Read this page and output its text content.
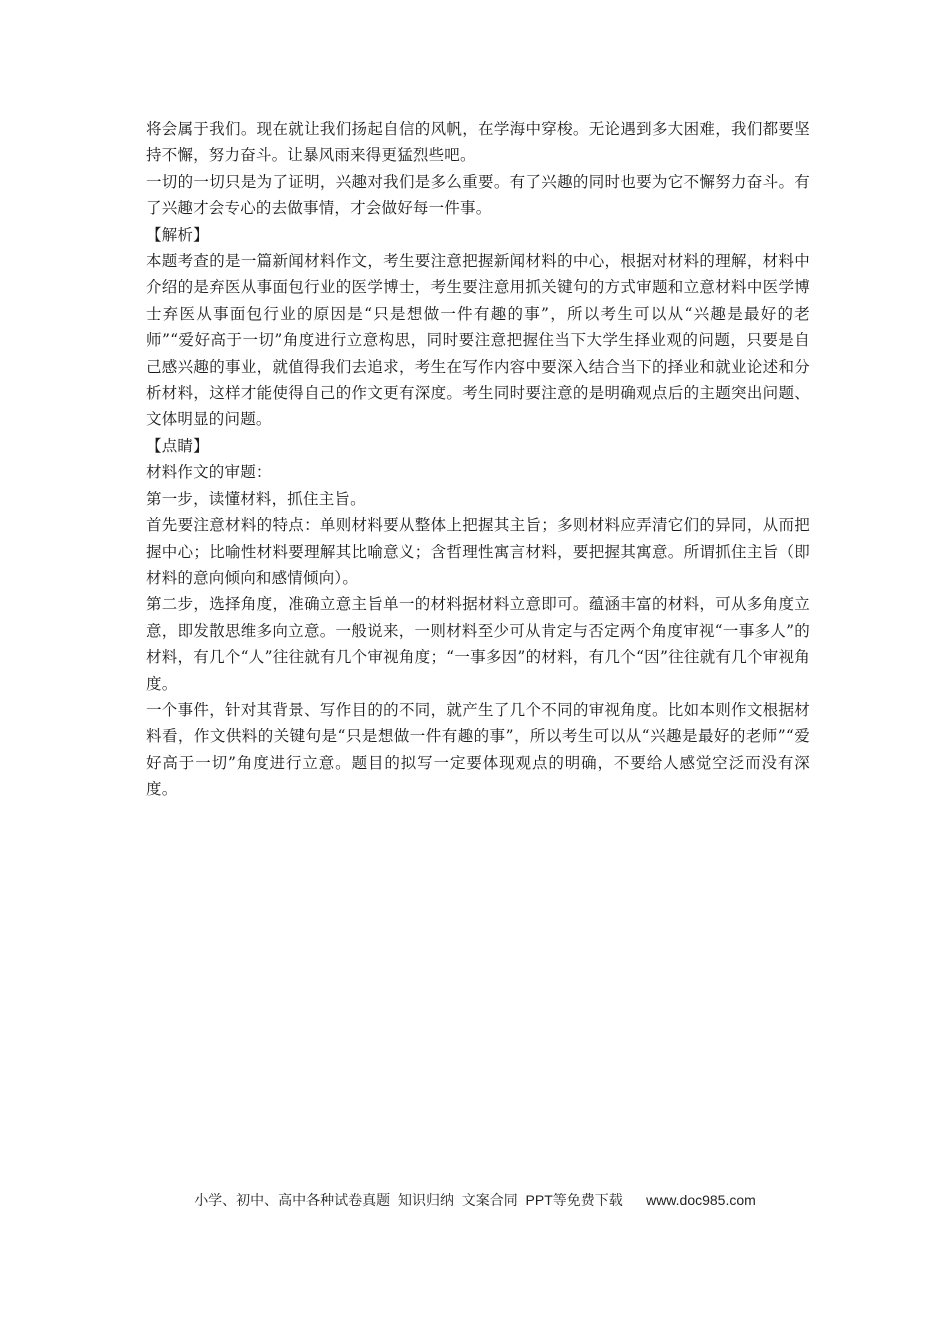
将会属于我们。现在就让我们扬起自信的风帆，在学海中穿梭。无论遇到多大困难，我们都要坚持不懈，努力奋斗。让暴风雨来得更猛烈些吧。

一切的一切只是为了证明，兴趣对我们是多么重要。有了兴趣的同时也要为它不懈努力奋斗。有了兴趣才会专心的去做事情，才会做好每一件事。

【解析】

本题考查的是一篇新闻材料作文，考生要注意把握新闻材料的中心，根据对材料的理解，材料中介绍的是弃医从事面包行业的医学博士，考生要注意用抓关键句的方式审题和立意材料中医学博士弃医从事面包行业的原因是“只是想做一件有趣的事”，所以考生可以从“兴趣是最好的老师”“爱好高于一切”角度进行立意构思，同时要注意把握住当下大学生择业观的问题，只要是自己感兴趣的事业，就值得我们去追求，考生在写作内容中要深入结合当下的择业和就业论述和分析材料，这样才能使得自己的作文更有深度。考生同时要注意的是明确观点后的主题突出问题、文体明显的问题。

【点睛】

材料作文的审题：

第一步，读懂材料，抓住主旨。

首先要注意材料的特点：单则材料要从整体上把握其主旨；多则材料应弄清它们的异同，从而把握中心；比喻性材料要理解其比喻意义；含哲理性寓言材料，要把握其寓意。所谓抓住主旨（即材料的意向倾向和感情倾向）。

第二步，选择角度，准确立意主旨单一的材料据材料立意即可。蕴涵丰富的材料，可从多角度立意，即发散思维多向立意。一般说来，一则材料至少可从肯定与否定两个角度审视“一事多人”的材料，有几个“人”往往就有几个审视角度；“一事多因”的材料，有几个“因”往往就有几个审视角度。

一个事件，针对其背景、写作目的的不同，就产生了几个不同的审视角度。比如本则作文根据材料看，作文供料的关键句是“只是想做一件有趣的事”，所以考生可以从“兴趣是最好的老师”“爱好高于一切”角度进行立意。题目的拟写一定要体现观点的明确，不要给人感觉空泛而没有深度。

小学、初中、高中各种试卷真题  知识归纳  文案合同  PPT等免费下载      www.doc985.com
